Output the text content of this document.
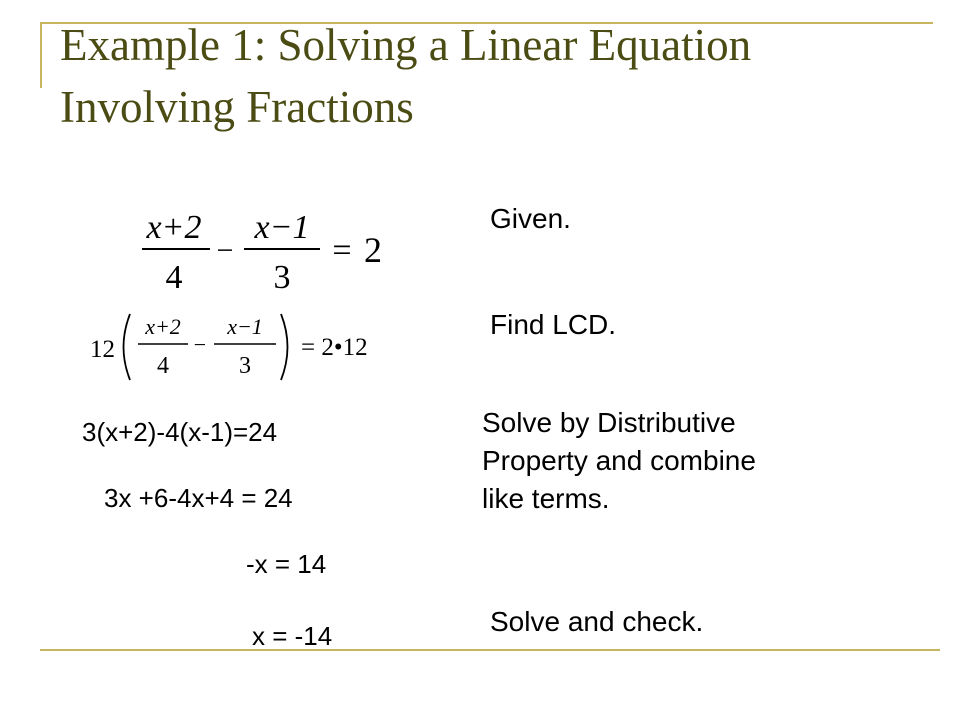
Example 1: Solving a Linear Equation
Involving Fractions
x+2
4
−
x−1
3
= 2
12
x+2
4
−
x−1
3
= 2•12
3(x+2)-4(x-1)=24
3x +6-4x+4 = 24
-x = 14
x = -14
Given.
Find LCD.
Solve by Distributive
Property and combine
like terms.
Solve and check.
